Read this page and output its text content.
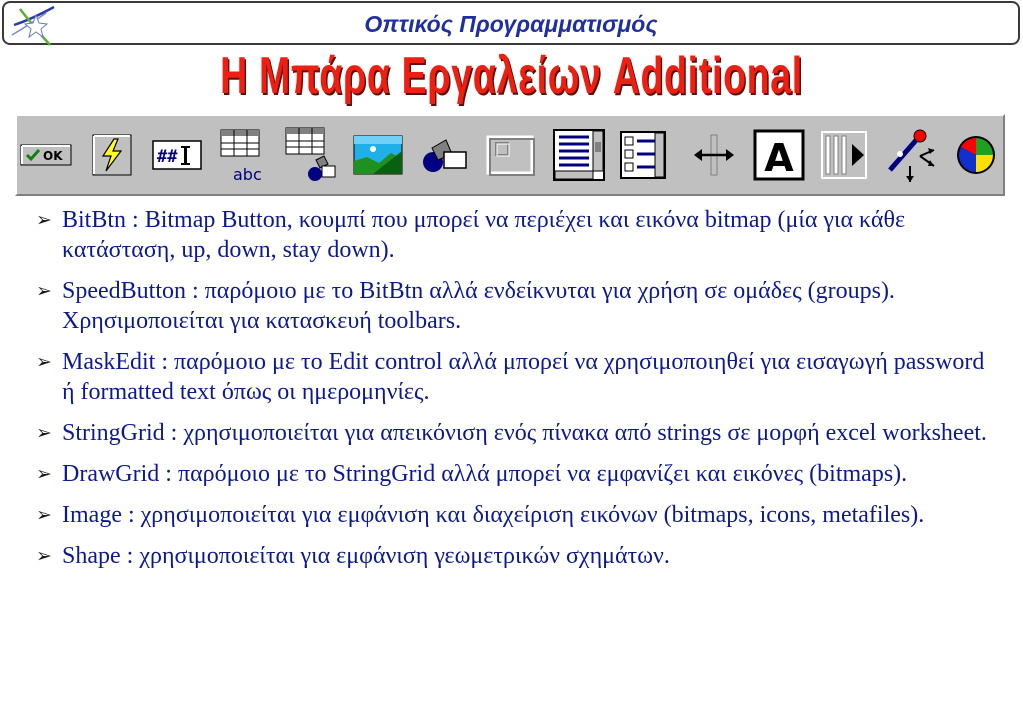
Οπτικός Προγραμματισμός
Η Μπάρα Εργαλείων Additional
OK	##
abc	A
➢ BitBtn : Bitmap Button, κουμπί που μπορεί να περιέχει και εικόνα bitmap (μία για κάθε κατάσταση, up, down, stay down).
➢ SpeedButton : παρόμοιο με το BitBtn αλλά ενδείκνυται για χρήση σε ομάδες (groups). Χρησιμοποιείται για κατασκευή toolbars.
➢ MaskEdit : παρόμοιο με το Edit control αλλά μπορεί να χρησιμοποιηθεί για εισαγωγή password ή formatted text όπως οι ημερομηνίες.
➢ StringGrid : χρησιμοποιείται για απεικόνιση ενός πίνακα από strings σε μορφή excel worksheet.
➢ DrawGrid : παρόμοιο με το StringGrid αλλά μπορεί να εμφανίζει και εικόνες (bitmaps).
➢ Image : χρησιμοποιείται για εμφάνιση και διαχείριση εικόνων (bitmaps, icons, metafiles).
➢ Shape : χρησιμοποιείται για εμφάνιση γεωμετρικών σχημάτων.
